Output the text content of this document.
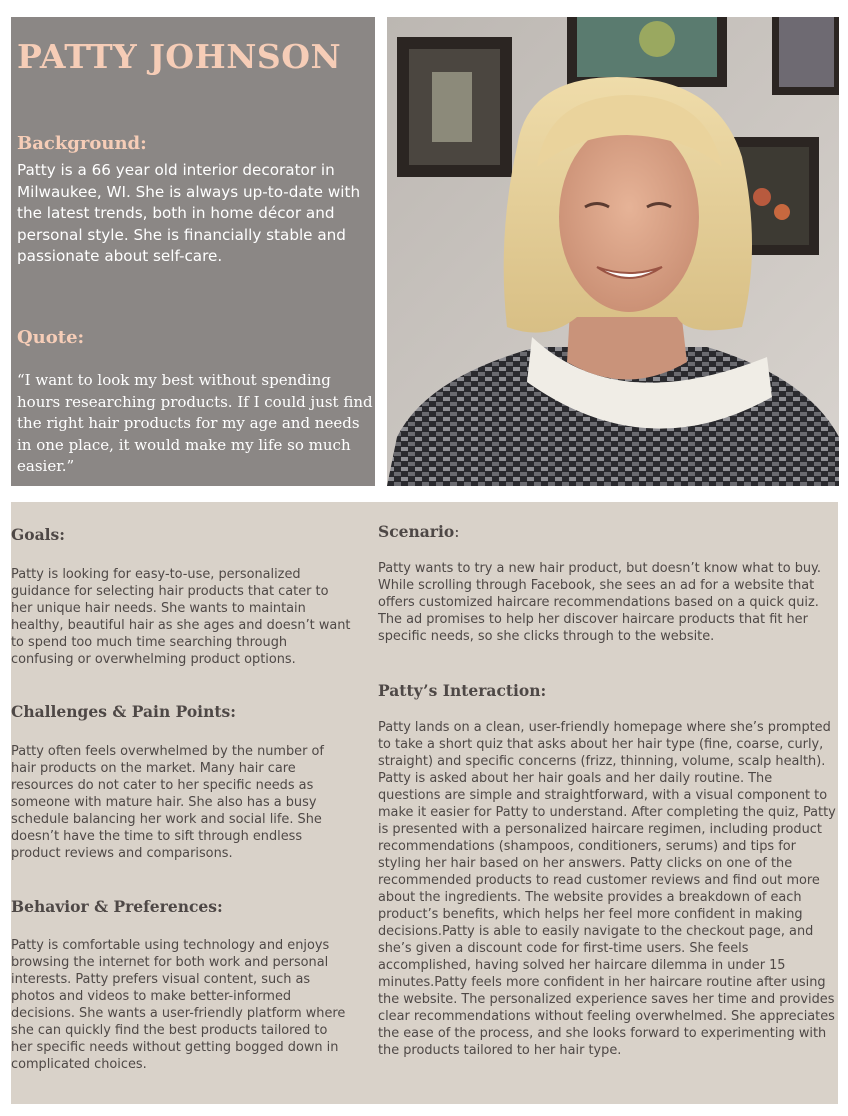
PATTY JOHNSON
Background:

Patty is a 66 year old interior decorator in Milwaukee, WI. She is always up-to-date with the latest trends, both in home décor and personal style. She is financially stable and passionate about self-care.

Quote:

“I want to look my best without spending hours researching products. If I could just find the right hair products for my age and needs in one place, it would make my life so much easier.”

Goals:

Patty is looking for easy-to-use, personalized guidance for selecting hair products that cater to her unique hair needs. She wants to maintain healthy, beautiful hair as she ages and doesn’t want to spend too much time searching through confusing or overwhelming product options.

Challenges & Pain Points:

Patty often feels overwhelmed by the number of hair products on the market. Many hair care resources do not cater to her specific needs as someone with mature hair. She also has a busy schedule balancing her work and social life. She doesn’t have the time to sift through endless product reviews and comparisons.

Behavior & Preferences:

Patty is comfortable using technology and enjoys browsing the internet for both work and personal interests. Patty prefers visual content, such as photos and videos to make better-informed decisions. She wants a user-friendly platform where she can quickly find the best products tailored to her specific needs without getting bogged down in complicated choices.

Scenario:

Patty wants to try a new hair product, but doesn’t know what to buy. While scrolling through Facebook, she sees an ad for a website that offers customized haircare recommendations based on a quick quiz. The ad promises to help her discover haircare products that fit her specific needs, so she clicks through to the website.

Patty’s Interaction:

Patty lands on a clean, user-friendly homepage where she’s prompted to take a short quiz that asks about her hair type (fine, coarse, curly, straight) and specific concerns (frizz, thinning, volume, scalp health). Patty is asked about her hair goals and her daily routine. The questions are simple and straightforward, with a visual component to make it easier for Patty to understand. After completing the quiz, Patty is presented with a personalized haircare regimen, including product recommendations (shampoos, conditioners, serums) and tips for styling her hair based on her answers. Patty clicks on one of the recommended products to read customer reviews and find out more about the ingredients. The website provides a breakdown of each product’s benefits, which helps her feel more confident in making decisions.Patty is able to easily navigate to the checkout page, and she’s given a discount code for first-time users. She feels accomplished, having solved her haircare dilemma in under 15 minutes.Patty feels more confident in her haircare routine after using the website. The personalized experience saves her time and provides clear recommendations without feeling overwhelmed. She appreciates the ease of the process, and she looks forward to experimenting with the products tailored to her hair type.
